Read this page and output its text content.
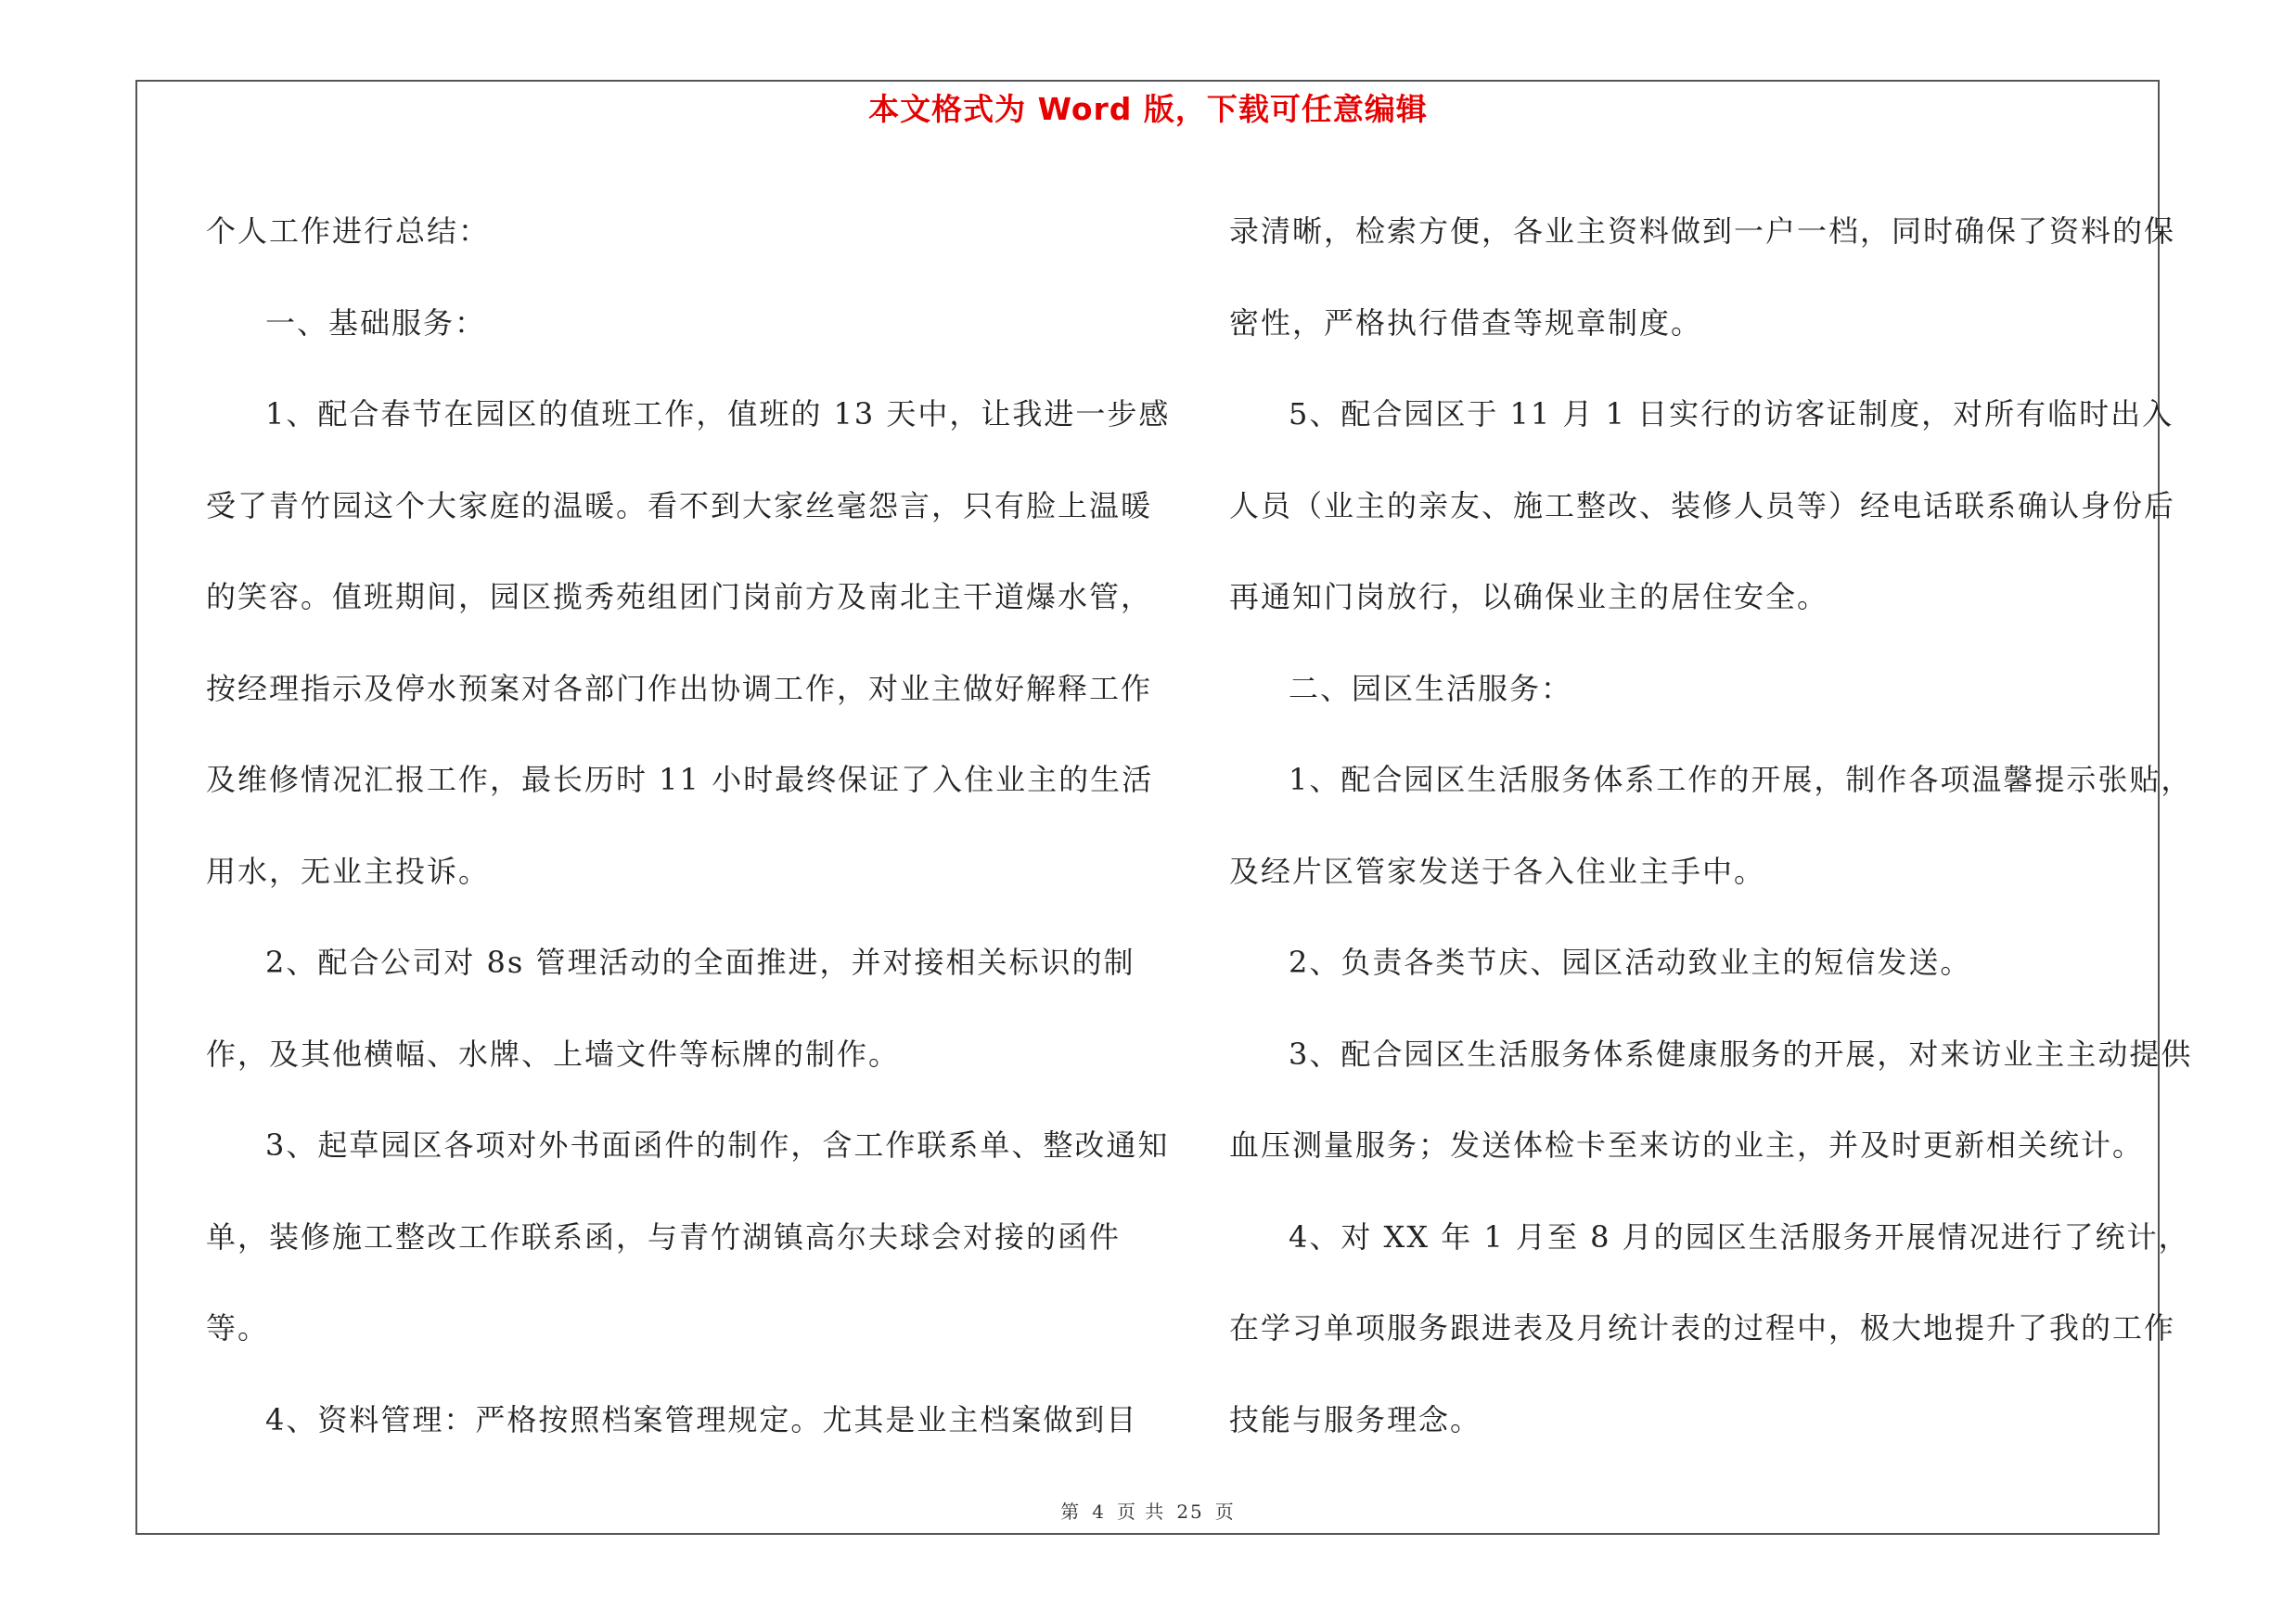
本文格式为 Word 版，下载可任意编辑

个人工作进行总结：

一、基础服务：

1、配合春节在园区的值班工作，值班的 13 天中，让我进一步感受了青竹园这个大家庭的温暖。看不到大家丝毫怨言，只有脸上温暖的笑容。值班期间，园区揽秀苑组团门岗前方及南北主干道爆水管，按经理指示及停水预案对各部门作出协调工作，对业主做好解释工作及维修情况汇报工作，最长历时 11 小时最终保证了入住业主的生活用水，无业主投诉。

2、配合公司对 8s 管理活动的全面推进，并对接相关标识的制作，及其他横幅、水牌、上墙文件等标牌的制作。

3、起草园区各项对外书面函件的制作，含工作联系单、整改通知单，装修施工整改工作联系函，与青竹湖镇高尔夫球会对接的函件等。

4、资料管理：严格按照档案管理规定。尤其是业主档案做到目

录清晰，检索方便，各业主资料做到一户一档，同时确保了资料的保密性，严格执行借查等规章制度。

5、配合园区于 11 月 1 日实行的访客证制度，对所有临时出入人员（业主的亲友、施工整改、装修人员等）经电话联系确认身份后再通知门岗放行，以确保业主的居住安全。

二、园区生活服务：

1、配合园区生活服务体系工作的开展，制作各项温馨提示张贴，及经片区管家发送于各入住业主手中。

2、负责各类节庆、园区活动致业主的短信发送。

3、配合园区生活服务体系健康服务的开展，对来访业主主动提供血压测量服务；发送体检卡至来访的业主，并及时更新相关统计。

4、对 XX 年 1 月至 8 月的园区生活服务开展情况进行了统计，在学习单项服务跟进表及月统计表的过程中，极大地提升了我的工作技能与服务理念。

第 4 页 共 25 页
